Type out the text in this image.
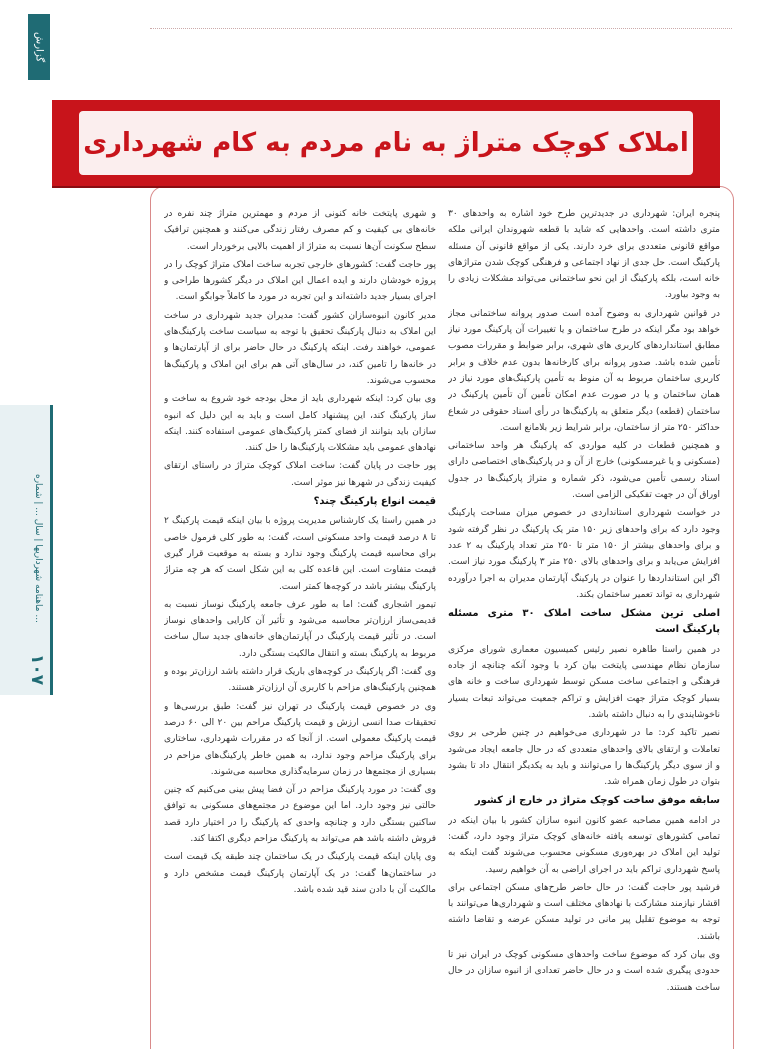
گزارش
ماهنامه شهرداریها | سال ... | شماره ...
۱۰۷
املاک کوچک متراژ به نام مردم به کام شهرداری

پنجره ایران: شهرداری در جدیدترین طرح خود اشاره به واحدهای ۳۰ متری داشته است. واحدهایی که شاید با قطعه شهروندان ایرانی ملکه مواقع قانونی متعددی برای خرد دارند. یکی از مواقع قانونی آن مسئله پارکینگ است. حل جدی از نهاد اجتماعی و فرهنگی کوچک شدن متراژهای خانه است، بلکه پارکینگ از این نحو ساختمانی می‌تواند مشکلات زیادی را به وجود بیاورد.

در قوانین شهرداری به وضوح آمده است صدور پروانه ساختمانی مجاز خواهد بود مگر اینکه در طرح ساختمان و یا تغییرات آن پارکینگ مورد نیاز مطابق استانداردهای کاربری های شهری، برابر ضوابط و مقررات مصوب تأمین شده باشد. صدور پروانه برای کارخانه‌ها بدون عدم خلاف و برابر کاربری ساختمان مربوط به آن منوط به تأمین پارکینگ‌های مورد نیاز در همان ساختمان و یا در صورت عدم امکان تأمین آن تأمین پارکینگ در ساختمان (قطعه) دیگر متعلق به پارکینگ‌ها در رأی اسناد حقوقی در شعاع حداکثر ۲۵۰ متر از ساختمان، برابر شرایط زیر بلامانع است.

و همچنین قطعات در کلیه مواردی که پارکینگ هر واحد ساختمانی (مسکونی و یا غیرمسکونی) خارج از آن و در پارکینگ‌های اختصاصی دارای اسناد رسمی تأمین می‌شود، ذکر شماره و متراژ پارکینگ‌ها در جدول اوراق آن در جهت تفکیکی الزامی است.

در خواست شهرداری استانداردی در خصوص میزان مساحت پارکینگ وجود دارد که برای واحدهای زیر ۱۵۰ متر یک پارکینگ در نظر گرفته شود و برای واحدهای بیشتر از ۱۵۰ متر تا ۲۵۰ متر تعداد پارکینگ به ۲ عدد افزایش می‌یابد و برای واحدهای بالای ۲۵۰ متر ۳ پارکینگ مورد نیاز است. اگر این استانداردها را عنوان در پارکینگ آپارتمان مدیران به اجرا درآورده شهرداری به تواند تعمیر ساختمان بکند.

اصلی ترین مشکل ساخت املاک ۳۰ متری مسئله پارکینگ است

در همین راستا طاهره نصیر رئیس کمیسیون معماری شورای مرکزی سازمان نظام مهندسی پایتخت بیان کرد با وجود آنکه چنانچه از جاده فرهنگی و اجتماعی ساخت مسکن توسط شهرداری ساخت و خانه های بسیار کوچک متراژ جهت افزایش و تراکم جمعیت می‌تواند تبعات بسیار ناخوشایندی را به دنبال داشته باشد.

نصیر تاکید کرد: ما در شهرداری می‌خواهیم در چنین طرحی بر روی تعاملات و ارتقای بالای واحدهای متعددی که در حال جامعه ایجاد می‌شود و از سوی دیگر پارکینگ‌ها را می‌توانند و باید به یکدیگر انتقال داد تا بشود بتوان در طول زمان همراه شد.

سابقه موفق ساخت کوچک متراژ در خارج از کشور

در ادامه همین مصاحبه عضو کانون انبوه سازان کشور با بیان اینکه در تمامی کشورهای توسعه یافته خانه‌های کوچک متراژ وجود دارد، گفت: تولید این املاک در بهره‌وری مسکونی محسوب می‌شوند گفت اینکه به پاسخ شهرداری تراکم باید در اجرای اراضی به آن خواهیم رسید.

فرشید پور حاجت گفت: در حال حاضر طرح‌های مسکن اجتماعی برای اقشار نیازمند مشارکت با نهادهای مختلف است و شهرداری‌ها می‌توانند با توجه به موضوع تقلیل پیر مانی در تولید مسکن عرضه و تقاضا داشته باشند.

وی بیان کرد که موضوع ساخت واحدهای مسکونی کوچک در ایران نیز تا حدودی پیگیری شده است و در حال حاضر تعدادی از انبوه سازان در حال ساخت هستند.

و شهری پایتخت خانه کنونی از مردم و مهمترین متراژ چند نفره در خانه‌های بی کیفیت و کم مصرف رفتار زندگی می‌کنند و همچنین ترافیک سطح سکونت آن‌ها نسبت به متراژ از اهمیت بالایی برخوردار است.

پور حاجت گفت: کشورهای خارجی تجربه ساخت املاک متراژ کوچک را در پروژه خودشان دارند و ایده اعمال این املاک در دیگر کشورها طراحی و اجرای بسیار جدید داشته‌اند و این تجربه در مورد ما کاملاً جوابگو است.

مدیر کانون انبوه‌سازان کشور گفت: مدیران جدید شهرداری در ساخت این املاک به دنبال پارکینگ تحقیق با توجه به سیاست ساخت پارکینگ‌های عمومی، خواهند رفت. اینکه پارکینگ در حال حاضر برای از آپارتمان‌ها و در خانه‌ها را تامین کند، در سال‌های آتی هم برای این املاک و پارکینگ‌ها محسوب می‌شوند.

وی بیان کرد: اینکه شهرداری باید از محل بودجه خود شروع به ساخت و ساز پارکینگ کند، این پیشنهاد کامل است و باید به این دلیل که انبوه سازان باید بتوانند از فضای کمتر پارکینگ‌های عمومی استفاده کنند. اینکه نهادهای عمومی باید مشکلات پارکینگ‌ها را حل کنند.

پور حاجت در پایان گفت: ساخت املاک کوچک متراژ در راستای ارتقای کیفیت زندگی در شهرها نیز موثر است.

قیمت انواع پارکینگ چند؟

در همین راستا یک کارشناس مدیریت پروژه با بیان اینکه قیمت پارکینگ ۲ تا ۸ درصد قیمت واحد مسکونی است، گفت: به طور کلی فرمول خاصی برای محاسبه قیمت پارکینگ وجود ندارد و بسته به موقعیت قرار گیری قیمت متفاوت است. این قاعده کلی به این شکل است که هر چه متراژ پارکینگ بیشتر باشد در کوچه‌ها کمتر است.

تیمور اشجاری گفت: اما به طور عرف جامعه پارکینگ نوساز نسبت به قدیمی‌ساز ارزان‌تر محاسبه می‌شود و تأثیر آن کارایی واحدهای نوساز است. در تأثیر قیمت پارکینگ در آپارتمان‌های خانه‌های جدید سال ساخت مربوط به پارکینگ بسته و انتقال مالکیت بستگی دارد.

وی گفت: اگر پارکینگ در کوچه‌های باریک قرار داشته باشد ارزان‌تر بوده و همچنین پارکینگ‌های مزاحم با کاربری آن ارزان‌تر هستند.

وی در خصوص قیمت پارکینگ در تهران نیز گفت: طبق بررسی‌ها و تحقیقات صدا انسی ارزش و قیمت پارکینگ مراحم بین ۲۰ الی ۶۰ درصد قیمت پارکینگ معمولی است. از آنجا که در مقررات شهرداری، ساختاری برای پارکینگ مزاحم وجود ندارد، به همین خاطر پارکینگ‌های مزاحم در بسیاری از مجتمع‌ها در زمان سرمایه‌گذاری محاسبه می‌شوند.

وی گفت: در مورد پارکینگ مزاحم در آن فضا پیش بینی می‌کنیم که چنین حالتی نیز وجود دارد. اما این موضوع در مجتمع‌های مسکونی به توافق ساکنین بستگی دارد و چنانچه واحدی که پارکینگ را در اختیار دارد قصد فروش داشته باشد هم می‌تواند به پارکینگ مزاحم دیگری اکتفا کند.

وی پایان اینکه قیمت پارکینگ در یک ساختمان چند طبقه یک قیمت است در ساختمان‌ها گفت: در یک آپارتمان پارکینگ قیمت مشخص دارد و مالکیت آن با دادن سند قید شده باشد.
